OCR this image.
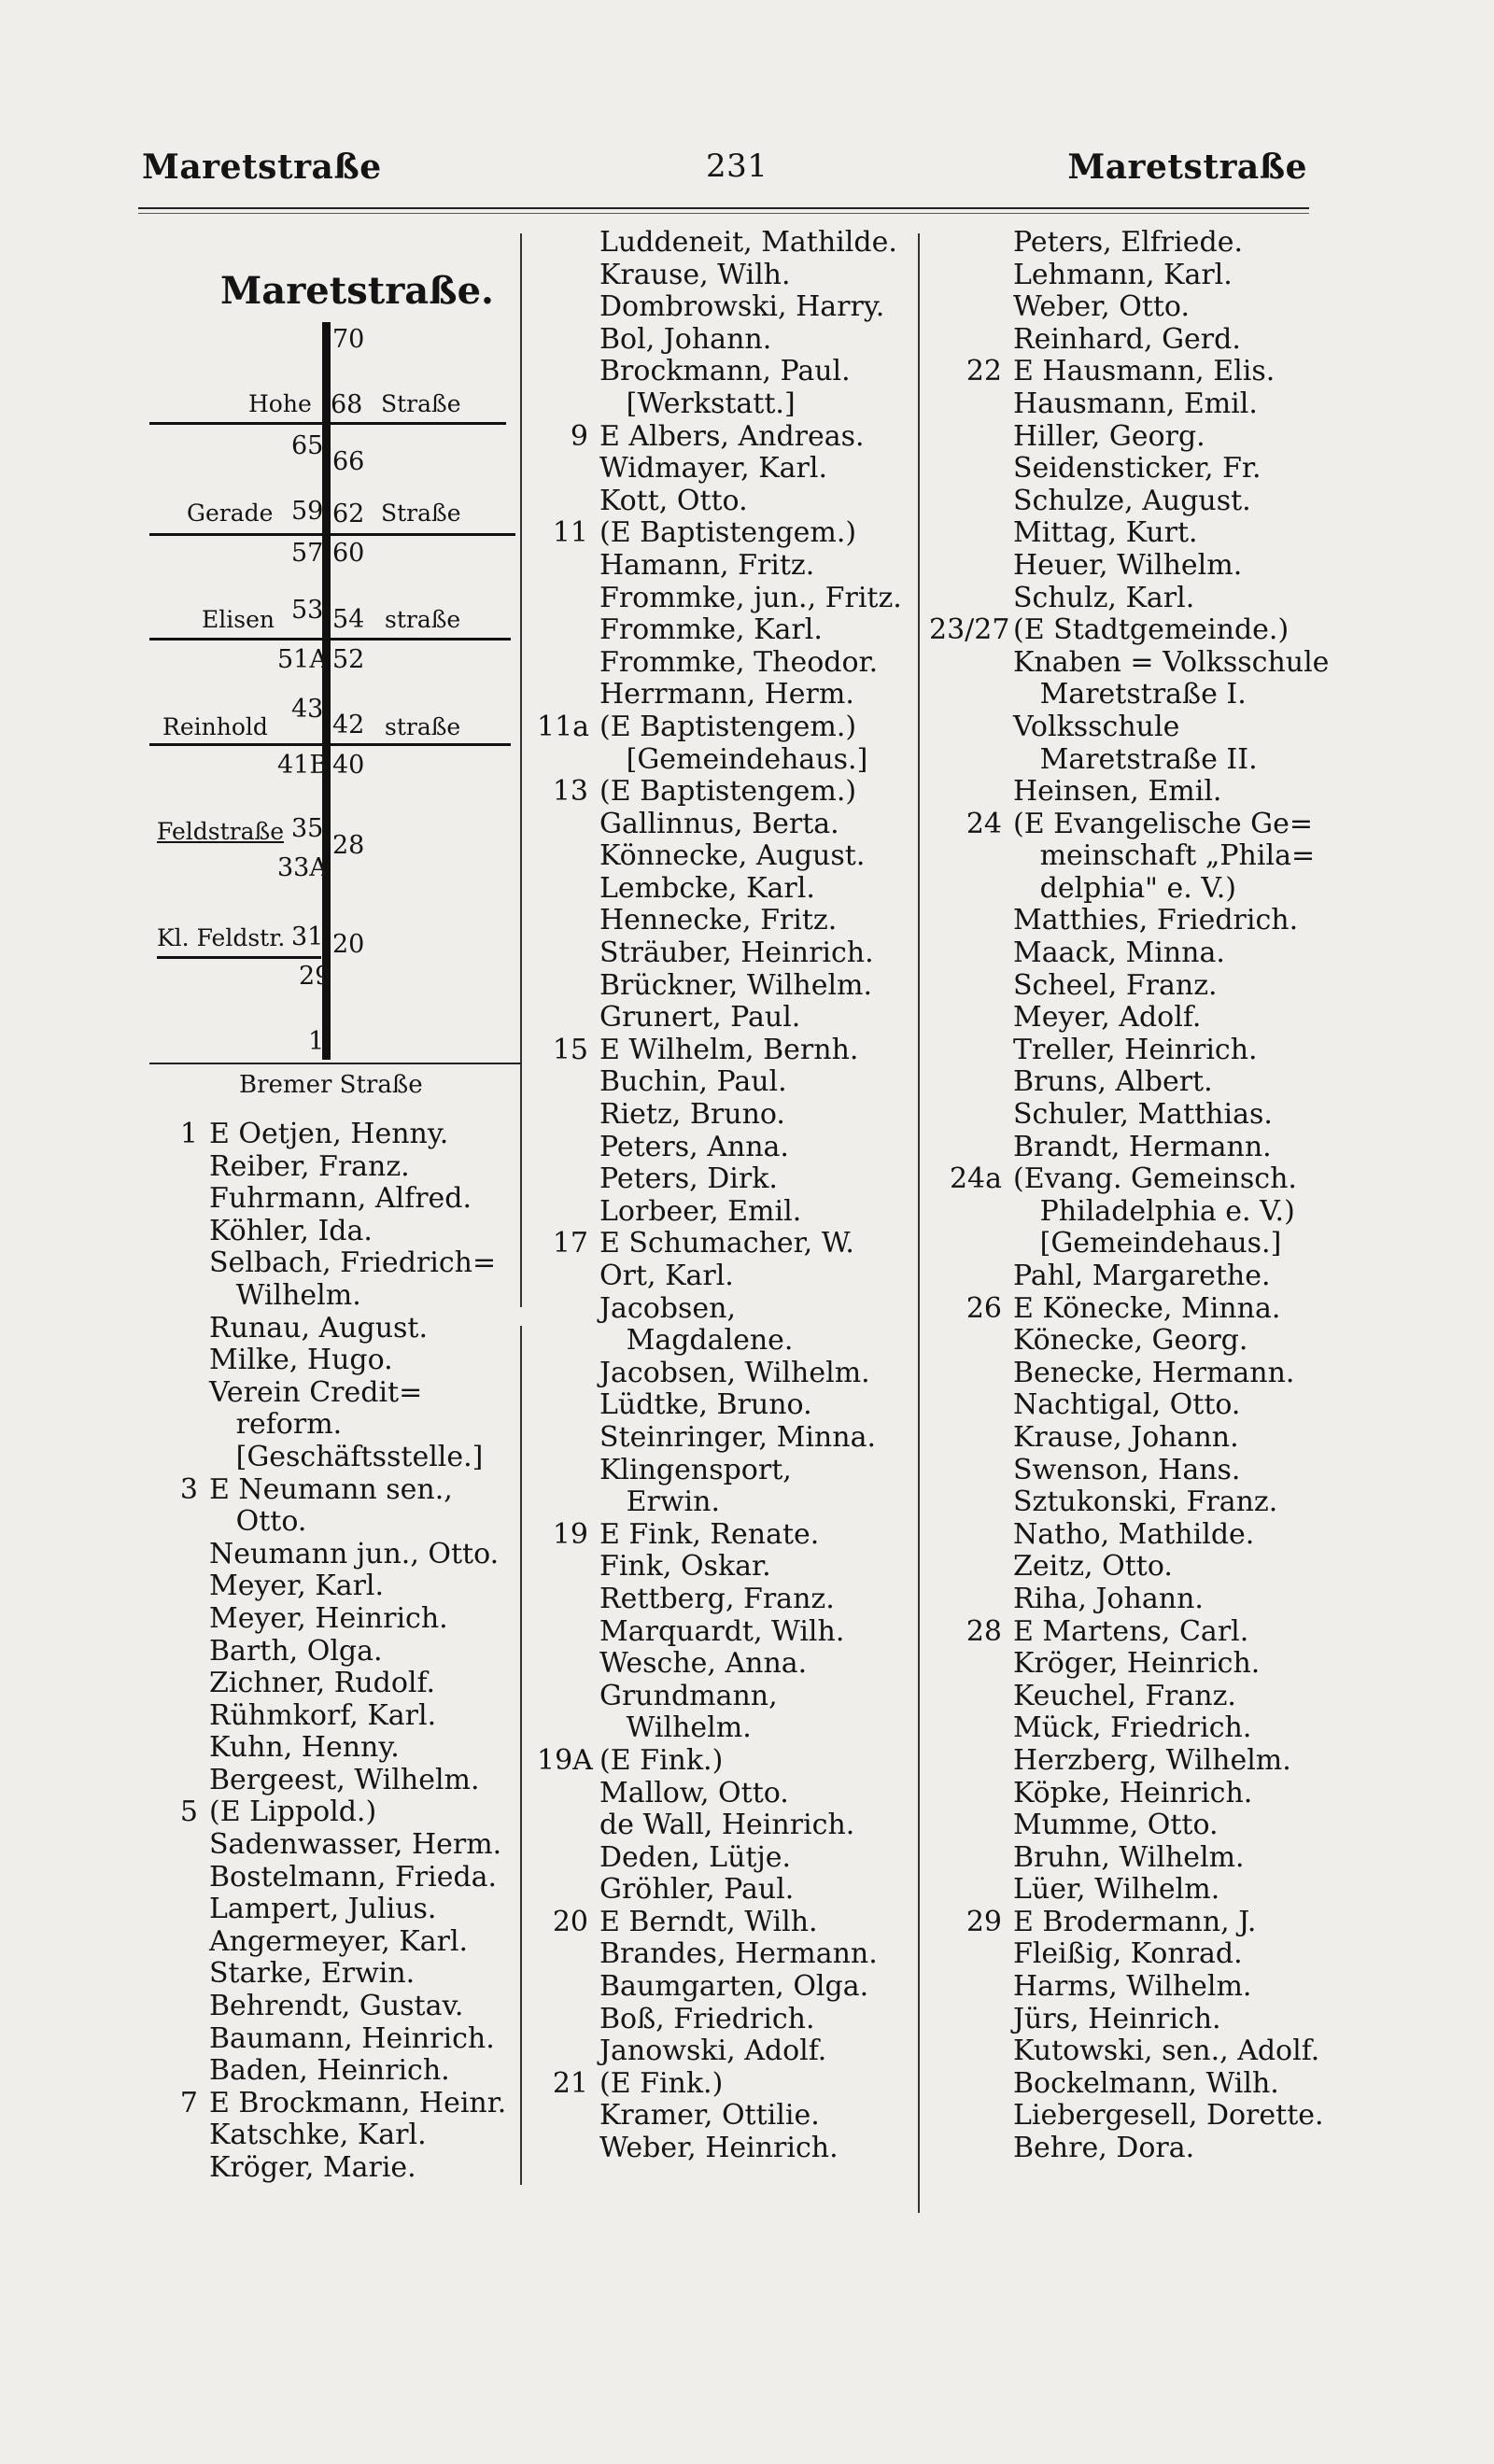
Maretstraße	231	Maretstraße
Maretstraße.
70
Hohe 68 Straße
65
66
Gerade 59 62 Straße
57 60
Elisen 53 54 straße
51A 52
Reinhold
43
42 straße
41B 40
Feldstraße 35
33A
28
Kl. Feldstr. 31 20
29
1
Bremer Straße
1 E Oetjen, Henny.
Reiber, Franz.
Fuhrmann, Alfred.
Köhler, Ida.
Selbach, Friedrich=
Wilhelm.
Runau, August.
Milke, Hugo.
Verein Credit=
reform.
[Geschäftsstelle.]
3 E Neumann sen.,
Otto.
Neumann jun., Otto.
Meyer, Karl.
Meyer, Heinrich.
Barth, Olga.
Zichner, Rudolf.
Rühmkorf, Karl.
Kuhn, Henny.
Bergeest, Wilhelm.
5 (E Lippold.)
Sadenwasser, Herm.
Bostelmann, Frieda.
Lampert, Julius.
Angermeyer, Karl.
Starke, Erwin.
Behrendt, Gustav.
Baumann, Heinrich.
Baden, Heinrich.
7 E Brockmann, Heinr.
Katschke, Karl.
Kröger, Marie.
Luddeneit, Mathilde.
Krause, Wilh.
Dombrowski, Harry.
Bol, Johann.
Brockmann, Paul.
[Werkstatt.]
9 E Albers, Andreas.
Widmayer, Karl.
Kott, Otto.
11 (E Baptistengem.)
Hamann, Fritz.
Frommke, jun., Fritz.
Frommke, Karl.
Frommke, Theodor.
Herrmann, Herm.
11a (E Baptistengem.)
[Gemeindehaus.]
13 (E Baptistengem.)
Gallinnus, Berta.
Könnecke, August.
Lembcke, Karl.
Hennecke, Fritz.
Sträuber, Heinrich.
Brückner, Wilhelm.
Grunert, Paul.
15 E Wilhelm, Bernh.
Buchin, Paul.
Rietz, Bruno.
Peters, Anna.
Peters, Dirk.
Lorbeer, Emil.
17 E Schumacher, W.
Ort, Karl.
Jacobsen,
Magdalene.
Jacobsen, Wilhelm.
Lüdtke, Bruno.
Steinringer, Minna.
Klingensport,
Erwin.
19 E Fink, Renate.
Fink, Oskar.
Rettberg, Franz.
Marquardt, Wilh.
Wesche, Anna.
Grundmann,
Wilhelm.
19A (E Fink.)
Mallow, Otto.
de Wall, Heinrich.
Deden, Lütje.
Gröhler, Paul.
20 E Berndt, Wilh.
Brandes, Hermann.
Baumgarten, Olga.
Boß, Friedrich.
Janowski, Adolf.
21 (E Fink.)
Kramer, Ottilie.
Weber, Heinrich.
Peters, Elfriede.
Lehmann, Karl.
Weber, Otto.
Reinhard, Gerd.
22 E Hausmann, Elis.
Hausmann, Emil.
Hiller, Georg.
Seidensticker, Fr.
Schulze, August.
Mittag, Kurt.
Heuer, Wilhelm.
Schulz, Karl.
23/27 (E Stadtgemeinde.)
Knaben = Volksschule
Maretstraße I.
Volksschule
Maretstraße II.
Heinsen, Emil.
24 (E Evangelische Ge=
meinschaft „Phila=
delphia" e. V.)
Matthies, Friedrich.
Maack, Minna.
Scheel, Franz.
Meyer, Adolf.
Treller, Heinrich.
Bruns, Albert.
Schuler, Matthias.
Brandt, Hermann.
24a (Evang. Gemeinsch.
Philadelphia e. V.)
[Gemeindehaus.]
Pahl, Margarethe.
26 E Könecke, Minna.
Könecke, Georg.
Benecke, Hermann.
Nachtigal, Otto.
Krause, Johann.
Swenson, Hans.
Sztukonski, Franz.
Natho, Mathilde.
Zeitz, Otto.
Riha, Johann.
28 E Martens, Carl.
Kröger, Heinrich.
Keuchel, Franz.
Mück, Friedrich.
Herzberg, Wilhelm.
Köpke, Heinrich.
Mumme, Otto.
Bruhn, Wilhelm.
Lüer, Wilhelm.
29 E Brodermann, J.
Fleißig, Konrad.
Harms, Wilhelm.
Jürs, Heinrich.
Kutowski, sen., Adolf.
Bockelmann, Wilh.
Liebergesell, Dorette.
Behre, Dora.
